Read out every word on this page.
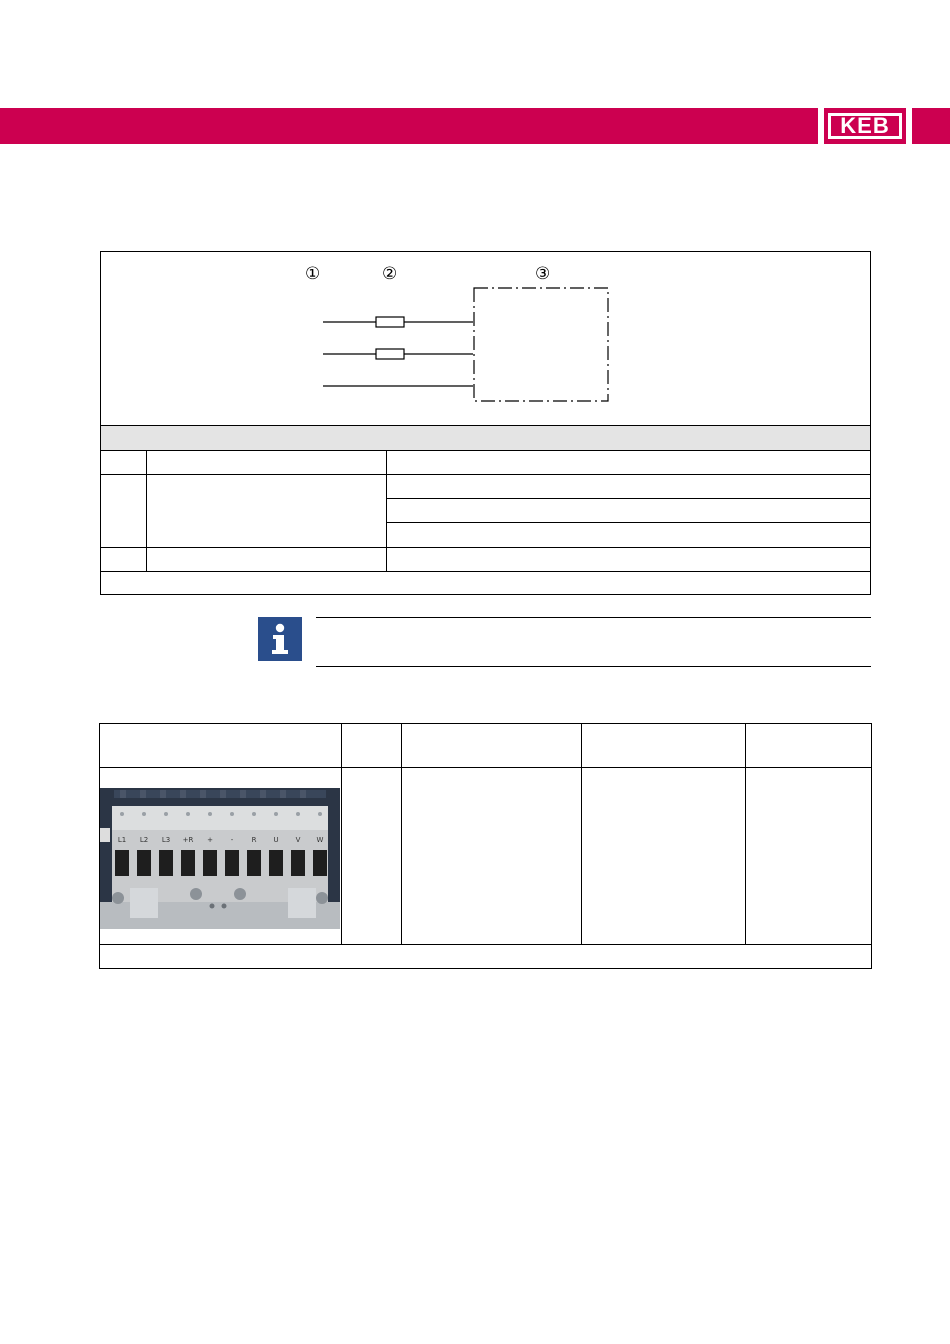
KEB
①	②	③
L1 L2 L3 +R +	-	R U V W
